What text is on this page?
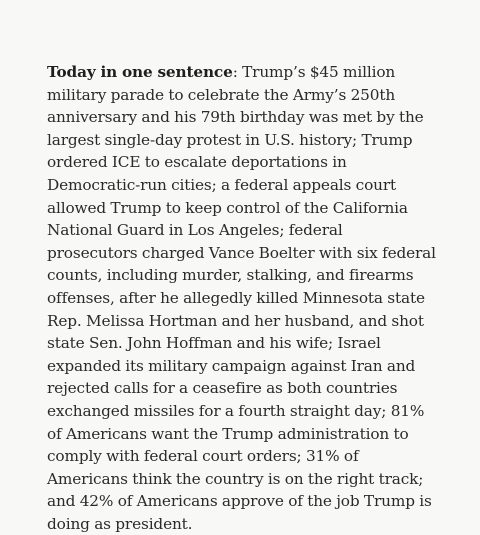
Today in one sentence: Trump’s $45 million military parade to celebrate the Army’s 250th anniversary and his 79th birthday was met by the largest single-day protest in U.S. history; Trump ordered ICE to escalate deportations in Democratic-run cities; a federal appeals court allowed Trump to keep control of the California National Guard in Los Angeles; federal prosecutors charged Vance Boelter with six federal counts, including murder, stalking, and firearms offenses, after he allegedly killed Minnesota state Rep. Melissa Hortman and her husband, and shot state Sen. John Hoffman and his wife; Israel expanded its military campaign against Iran and rejected calls for a ceasefire as both countries exchanged missiles for a fourth straight day; 81% of Americans want the Trump administration to comply with federal court orders; 31% of Americans think the country is on the right track; and 42% of Americans approve of the job Trump is doing as president.
